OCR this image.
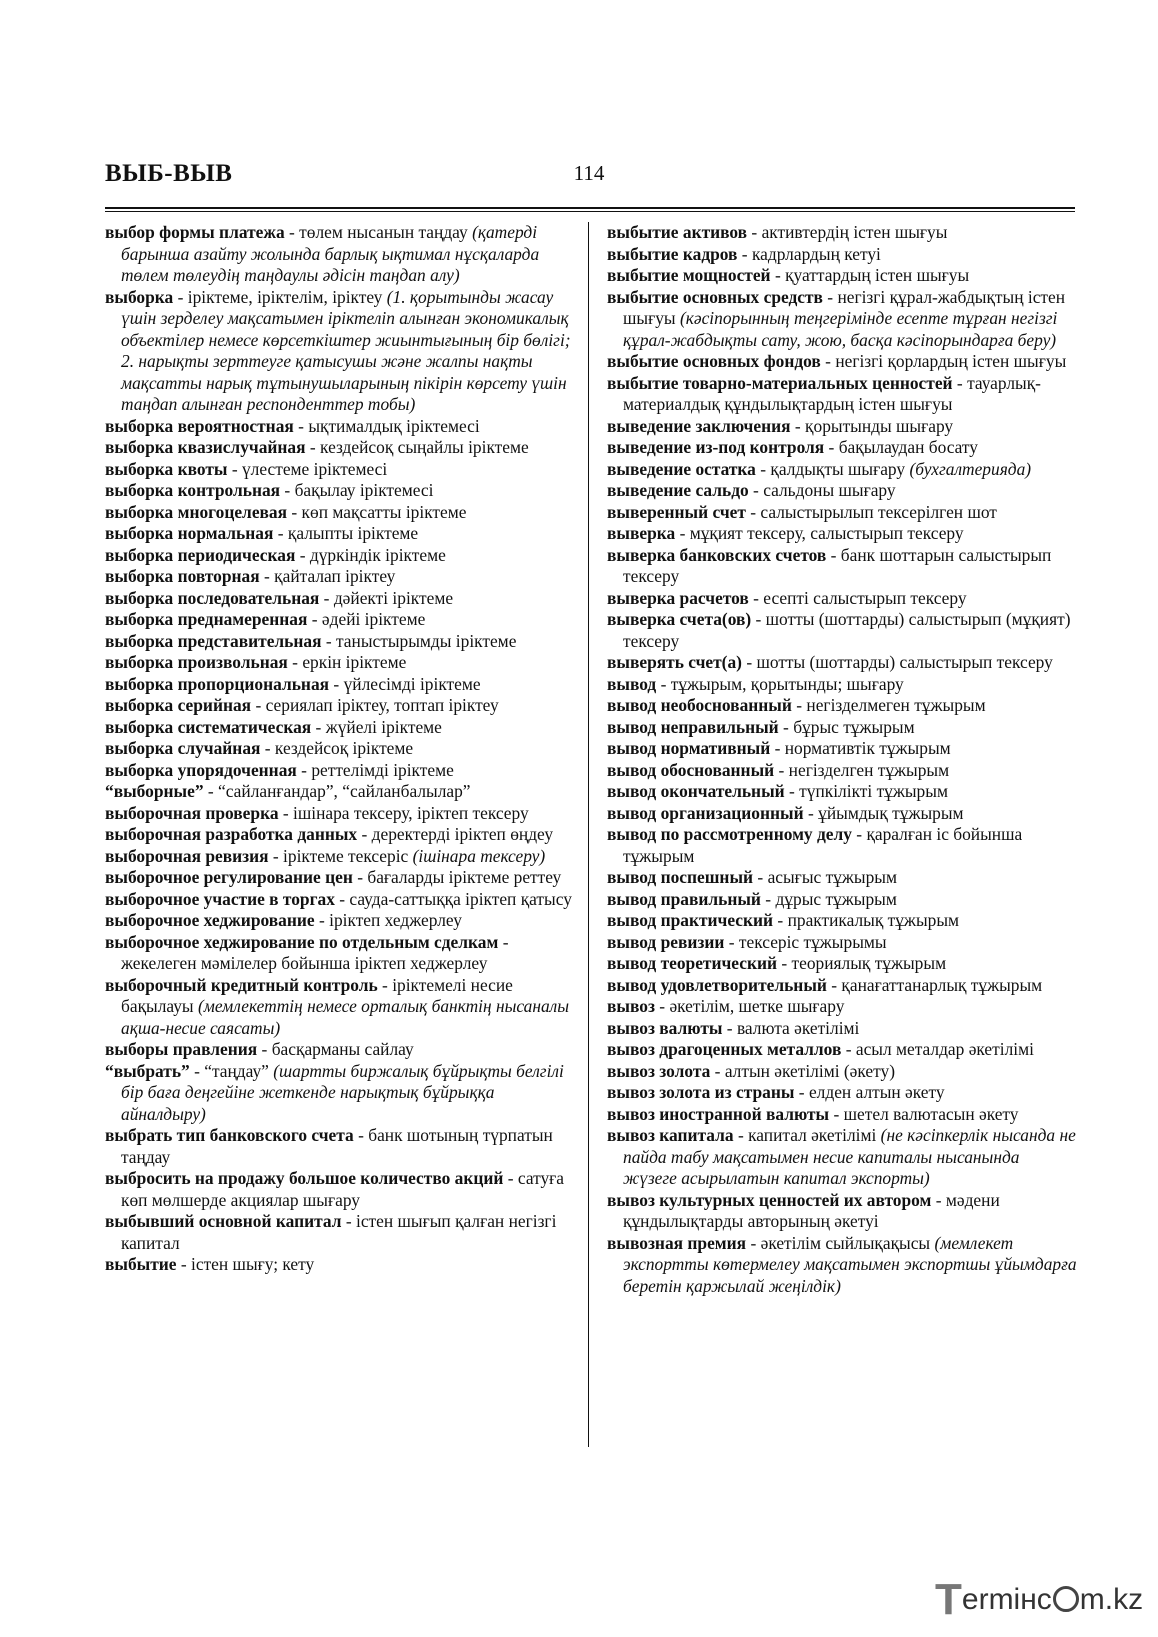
ВЫБ-ВЫВ	114
выбор формы платежа - төлем нысанын таңдау (қатерді барынша азайту жолында барлық ықтимал нұсқаларда төлем төлеудің таңдаулы әдісін таңдап алу)
выборка - іріктеме, іріктелім, іріктеу (1. қорытынды жасау үшін зерделеу мақсатымен іріктеліп алынған экономикалық объектілер немесе көрсеткіштер жиынтығының бір бөлігі; 2. нарықты зерттеуге қатысушы және жалпы нақты мақсатты нарық тұтынушыларының пікірін көрсету үшін таңдап алынған респонденттер тобы)
выборка вероятностная - ықтималдық іріктемесі
выборка квазислучайная - кездейсоқ сыңайлы іріктеме
выборка квоты - үлестеме іріктемесі
выборка контрольная - бақылау іріктемесі
выборка многоцелевая - көп мақсатты іріктеме
выборка нормальная - қалыпты іріктеме
выборка периодическая - дүркіндік іріктеме
выборка повторная - қайталап іріктеу
выборка последовательная - дәйекті іріктеме
выборка преднамеренная - әдейі іріктеме
выборка представительная - таныстырымды іріктеме
выборка произвольная - еркін іріктеме
выборка пропорциональная - үйлесімді іріктеме
выборка серийная - сериялап іріктеу, топтап іріктеу
выборка систематическая - жүйелі іріктеме
выборка случайная - кездейсоқ іріктеме
выборка упорядоченная - реттелімді іріктеме
“выборные” - “сайланғандар”, “сайланбалылар”
выборочная проверка - ішінара тексеру, іріктеп тексеру
выборочная разработка данных - деректерді іріктеп өңдеу
выборочная ревизия - іріктеме тексеріс (ішінара тексеру)
выборочное регулирование цен - бағаларды іріктеме реттеу
выборочное участие в торгах - сауда-саттыққа іріктеп қатысу
выборочное хеджирование - іріктеп хеджерлеу
выборочное хеджирование по отдельным сделкам - жекелеген мәмілелер бойынша іріктеп хеджерлеу
выборочный кредитный контроль - іріктемелі несие бақылауы (мемлекеттің немесе орталық банктің нысаналы ақша-несие саясаты)
выборы правления - басқарманы сайлау
“выбрать” - “таңдау” (шартты биржалық бұйрықты белгілі бір баға деңгейіне жеткенде нарықтық бұйрыққа айналдыру)
выбрать тип банковского счета - банк шотының түрпатын таңдау
выбросить на продажу большое количество акций - сатуға көп мөлшерде акциялар шығару
выбывший основной капитал - істен шығып қалған негізгі капитал
выбытие - істен шығу; кету
выбытие активов - активтердің істен шығуы
выбытие кадров - кадрлардың кетуі
выбытие мощностей - қуаттардың істен шығуы
выбытие основных средств - негізгі құрал-жабдықтың істен шығуы (кәсіпорынның теңгерімінде есепте тұрған негізгі құрал-жабдықты сату, жою, басқа кәсіпорындарға беру)
выбытие основных фондов - негізгі қорлардың істен шығуы
выбытие товарно-материальных ценностей - тауарлық-материалдық құндылықтардың істен шығуы
выведение заключения - қорытынды шығару
выведение из-под контроля - бақылаудан босату
выведение остатка - қалдықты шығару (бухгалтерияда)
выведение сальдо - сальдоны шығару
выверенный счет - салыстырылып тексерілген шот
выверка - мұқият тексеру, салыстырып тексеру
выверка банковских счетов - банк шоттарын салыстырып тексеру
выверка расчетов - есепті салыстырып тексеру
выверка счета(ов) - шотты (шоттарды) салыстырып (мұқият) тексеру
выверять счет(а) - шотты (шоттарды) салыстырып тексеру
вывод - тұжырым, қорытынды; шығару
вывод необоснованный - негізделмеген тұжырым
вывод неправильный - бұрыс тұжырым
вывод нормативный - нормативтік тұжырым
вывод обоснованный - негізделген тұжырым
вывод окончательный - түпкілікті тұжырым
вывод организационный - ұйымдық тұжырым
вывод по рассмотренному делу - қаралған іс бойынша тұжырым
вывод поспешный - асығыс тұжырым
вывод правильный - дұрыс тұжырым
вывод практический - практикалық тұжырым
вывод ревизии - тексеріс тұжырымы
вывод теоретический - теориялық тұжырым
вывод удовлетворительный - қанағаттанарлық тұжырым
вывоз - әкетілім, шетке шығару
вывоз валюты - валюта әкетілімі
вывоз драгоценных металлов - асыл металдар әкетілімі
вывоз золота - алтын әкетілімі (әкету)
вывоз золота из страны - елден алтын әкету
вывоз иностранной валюты - шетел валютасын әкету
вывоз капитала - капитал әкетілімі (не кәсіпкерлік нысанда не пайда табу мақсатымен несие капиталы нысанында жүзеге асырылатын капитал экспорты)
вывоз культурных ценностей их автором - мәдени құндылықтарды авторының әкетуі
вывозная премия - әкетілім сыйлықақысы (мемлекет экспортты көтермелеу мақсатымен экспортшы ұйымдарға беретін қаржылай жеңілдік)
Termінc m.kz
